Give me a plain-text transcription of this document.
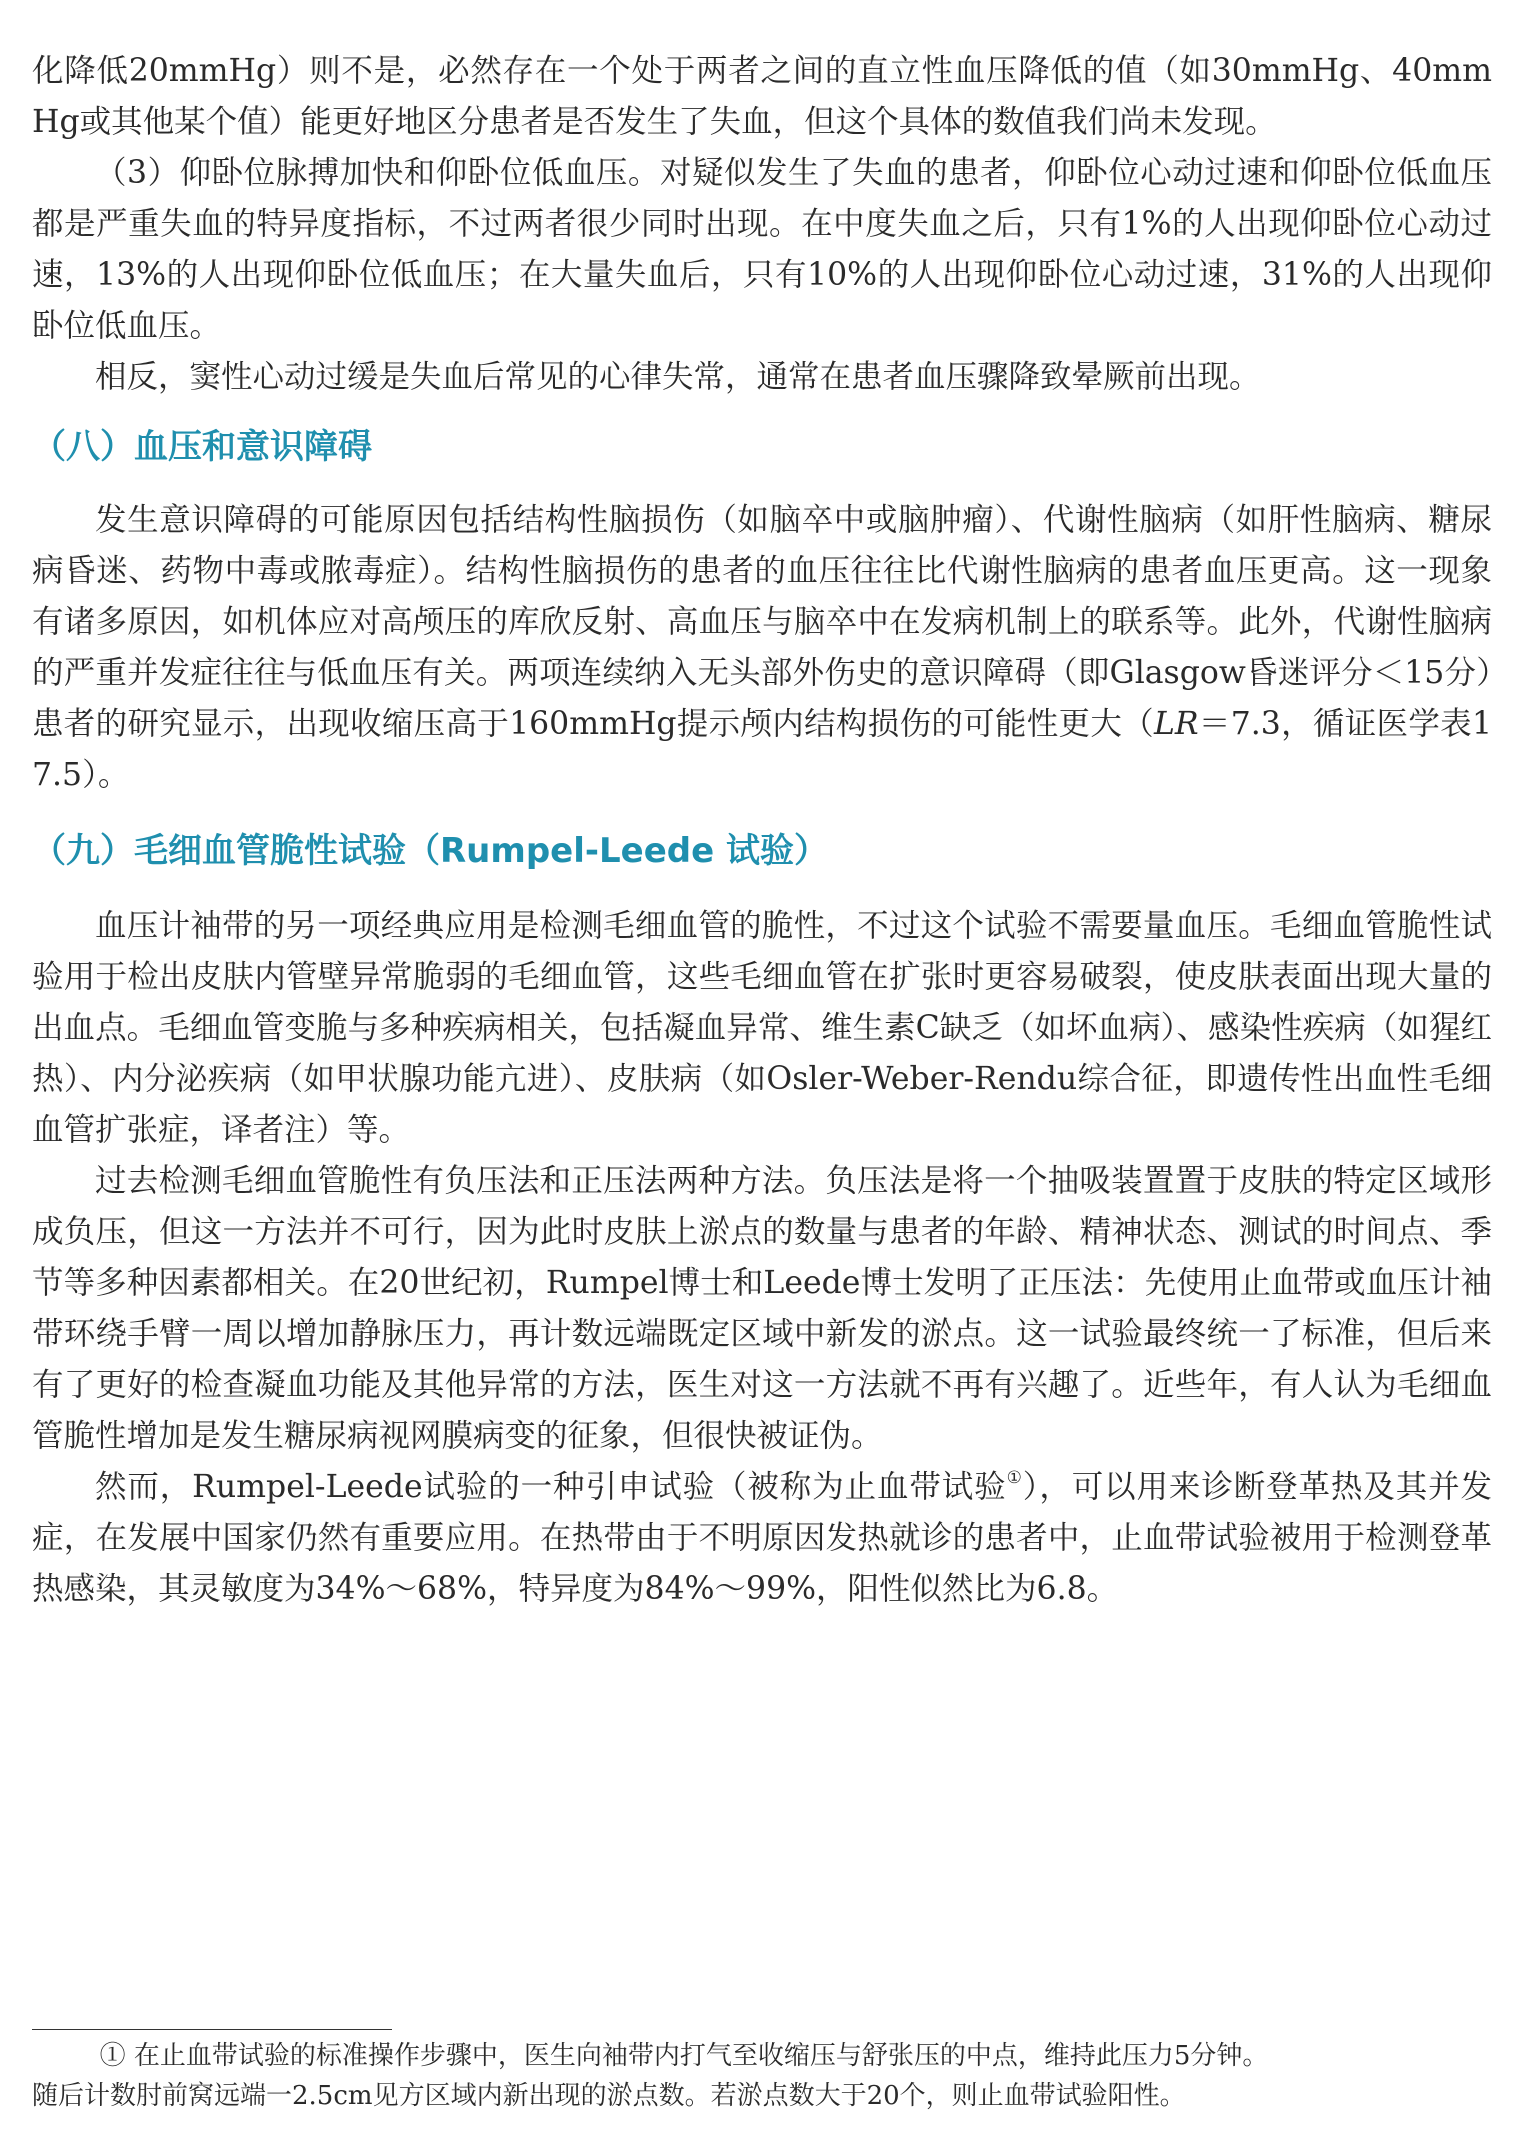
化降低20mmHg）则不是，必然存在一个处于两者之间的直立性血压降低的值（如30mmHg、40mmHg或其他某个值）能更好地区分患者是否发生了失血，但这个具体的数值我们尚未发现。

（3）仰卧位脉搏加快和仰卧位低血压。对疑似发生了失血的患者，仰卧位心动过速和仰卧位低血压都是严重失血的特异度指标，不过两者很少同时出现。在中度失血之后，只有1%的人出现仰卧位心动过速，13%的人出现仰卧位低血压；在大量失血后，只有10%的人出现仰卧位心动过速，31%的人出现仰卧位低血压。

相反，窦性心动过缓是失血后常见的心律失常，通常在患者血压骤降致晕厥前出现。

（八）血压和意识障碍

发生意识障碍的可能原因包括结构性脑损伤（如脑卒中或脑肿瘤）、代谢性脑病（如肝性脑病、糖尿病昏迷、药物中毒或脓毒症）。结构性脑损伤的患者的血压往往比代谢性脑病的患者血压更高。这一现象有诸多原因，如机体应对高颅压的库欣反射、高血压与脑卒中在发病机制上的联系等。此外，代谢性脑病的严重并发症往往与低血压有关。两项连续纳入无头部外伤史的意识障碍（即Glasgow昏迷评分＜15分）患者的研究显示，出现收缩压高于160mmHg提示颅内结构损伤的可能性更大（LR＝7.3，循证医学表17.5）。

（九）毛细血管脆性试验（Rumpel-Leede 试验）

血压计袖带的另一项经典应用是检测毛细血管的脆性，不过这个试验不需要量血压。毛细血管脆性试验用于检出皮肤内管壁异常脆弱的毛细血管，这些毛细血管在扩张时更容易破裂，使皮肤表面出现大量的出血点。毛细血管变脆与多种疾病相关，包括凝血异常、维生素C缺乏（如坏血病）、感染性疾病（如猩红热）、内分泌疾病（如甲状腺功能亢进）、皮肤病（如Osler-Weber-Rendu综合征，即遗传性出血性毛细血管扩张症，译者注）等。

过去检测毛细血管脆性有负压法和正压法两种方法。负压法是将一个抽吸装置置于皮肤的特定区域形成负压，但这一方法并不可行，因为此时皮肤上淤点的数量与患者的年龄、精神状态、测试的时间点、季节等多种因素都相关。在20世纪初，Rumpel博士和Leede博士发明了正压法：先使用止血带或血压计袖带环绕手臂一周以增加静脉压力，再计数远端既定区域中新发的淤点。这一试验最终统一了标准，但后来有了更好的检查凝血功能及其他异常的方法，医生对这一方法就不再有兴趣了。近些年，有人认为毛细血管脆性增加是发生糖尿病视网膜病变的征象，但很快被证伪。

然而，Rumpel-Leede试验的一种引申试验（被称为止血带试验①），可以用来诊断登革热及其并发症，在发展中国家仍然有重要应用。在热带由于不明原因发热就诊的患者中，止血带试验被用于检测登革热感染，其灵敏度为34%～68%，特异度为84%～99%，阳性似然比为6.8。

① 在止血带试验的标准操作步骤中，医生向袖带内打气至收缩压与舒张压的中点，维持此压力5分钟。

随后计数肘前窝远端一2.5cm见方区域内新出现的淤点数。若淤点数大于20个，则止血带试验阳性。
